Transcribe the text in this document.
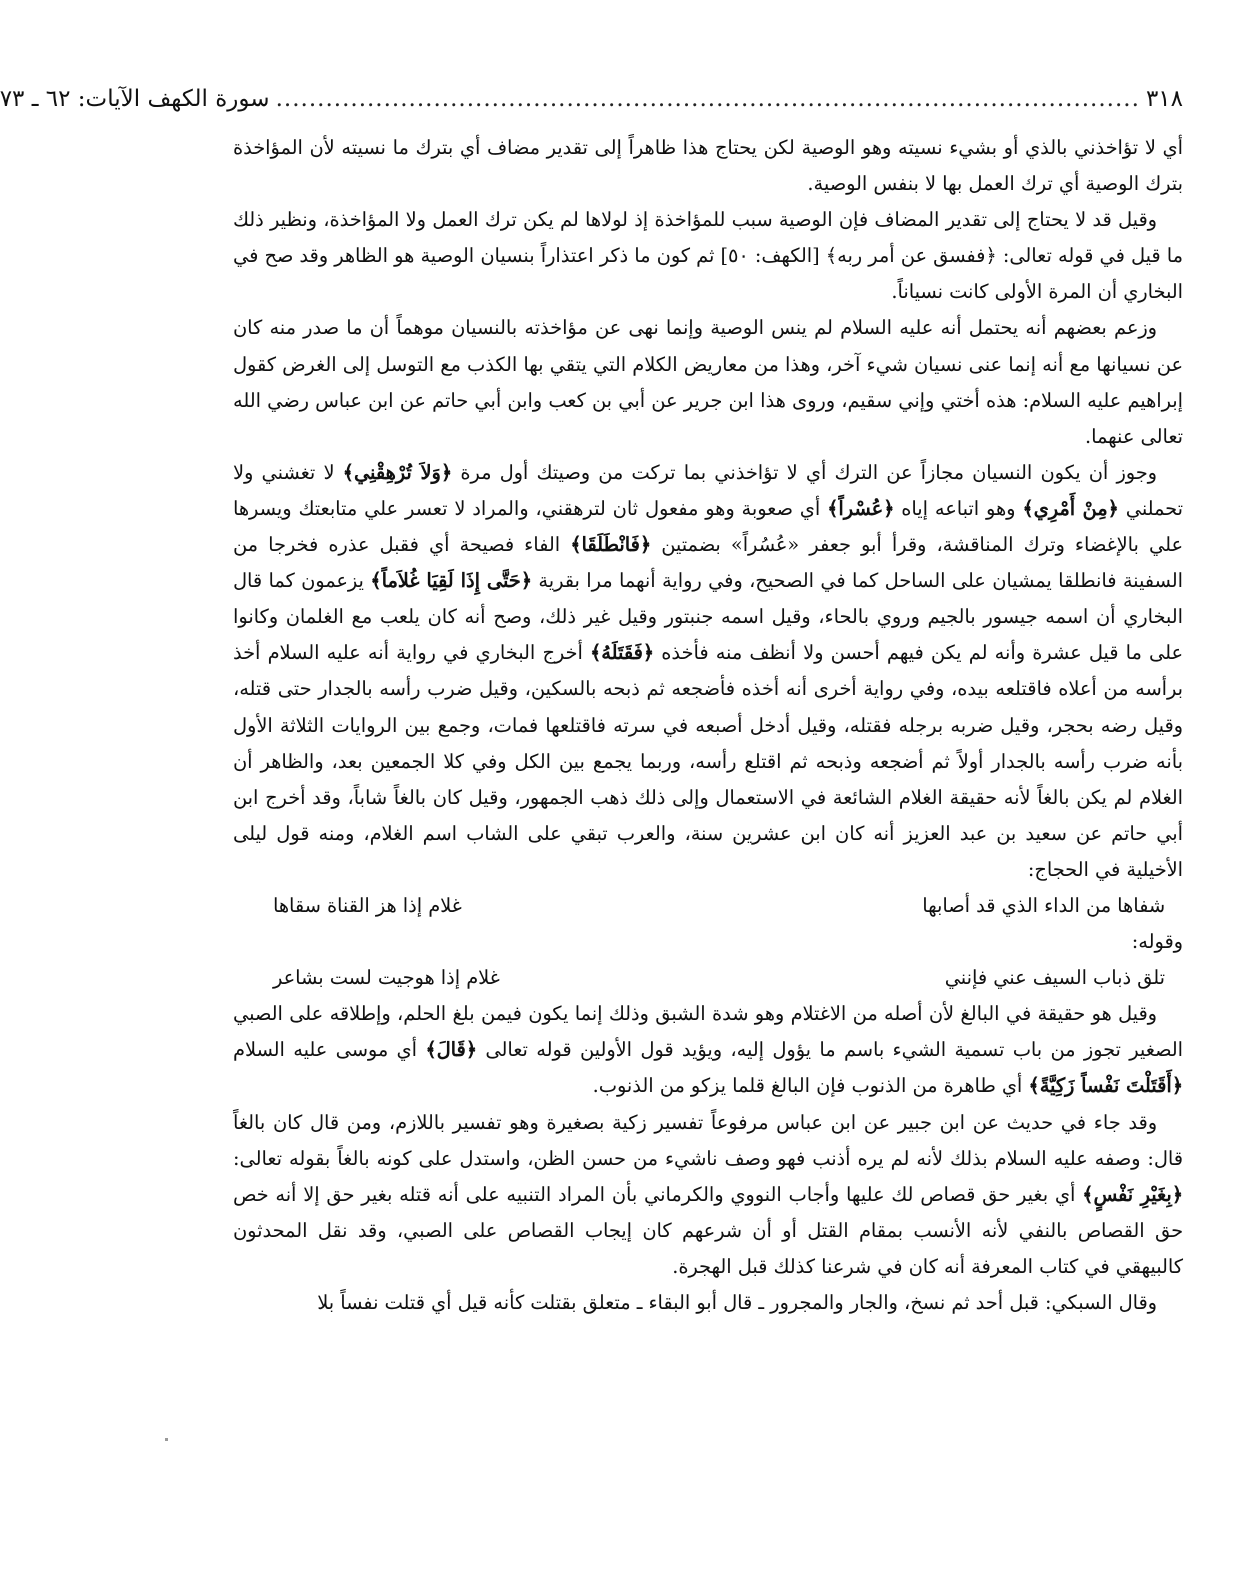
٣١٨
........................................................................................................
سورة الكهف الآيات: ٦٢ ـ ٧٣

أي لا تؤاخذني بالذي أو بشيء نسيته وهو الوصية لكن يحتاج هذا ظاهراً إلى تقدير مضاف أي بترك ما نسيته لأن المؤاخذة بترك الوصية أي ترك العمل بها لا بنفس الوصية.

وقيل قد لا يحتاج إلى تقدير المضاف فإن الوصية سبب للمؤاخذة إذ لولاها لم يكن ترك العمل ولا المؤاخذة، ونظير ذلك ما قيل في قوله تعالى: ﴿ففسق عن أمر ربه﴾ [الكهف: ٥٠] ثم كون ما ذكر اعتذاراً بنسيان الوصية هو الظاهر وقد صح في البخاري أن المرة الأولى كانت نسياناً.

وزعم بعضهم أنه يحتمل أنه عليه السلام لم ينس الوصية وإنما نهى عن مؤاخذته بالنسيان موهماً أن ما صدر منه كان عن نسيانها مع أنه إنما عنى نسيان شيء آخر، وهذا من معاريض الكلام التي يتقي بها الكذب مع التوسل إلى الغرض كقول إبراهيم عليه السلام: هذه أختي وإني سقيم، وروى هذا ابن جرير عن أبي بن كعب وابن أبي حاتم عن ابن عباس رضي الله تعالى عنهما.

وجوز أن يكون النسيان مجازاً عن الترك أي لا تؤاخذني بما تركت من وصيتك أول مرة ﴿وَلاَ تُرْهِقْنِي﴾ لا تغشني ولا تحملني ﴿مِنْ أَمْرِي﴾ وهو اتباعه إياه ﴿عُسْراً﴾ أي صعوبة وهو مفعول ثان لترهقني، والمراد لا تعسر علي متابعتك ويسرها علي بالإغضاء وترك المناقشة، وقرأ أبو جعفر «عُسُراً» بضمتين ﴿فَانْطَلَقَا﴾ الفاء فصيحة أي فقبل عذره فخرجا من السفينة فانطلقا يمشيان على الساحل كما في الصحيح، وفي رواية أنهما مرا بقرية ﴿حَتَّى إِذَا لَقِيَا غُلاَماً﴾ يزعمون كما قال البخاري أن اسمه جيسور بالجيم وروي بالحاء، وقيل اسمه جنبتور وقيل غير ذلك، وصح أنه كان يلعب مع الغلمان وكانوا على ما قيل عشرة وأنه لم يكن فيهم أحسن ولا أنظف منه فأخذه ﴿فَقَتَلَهُ﴾ أخرج البخاري في رواية أنه عليه السلام أخذ برأسه من أعلاه فاقتلعه بيده، وفي رواية أخرى أنه أخذه فأضجعه ثم ذبحه بالسكين، وقيل ضرب رأسه بالجدار حتى قتله، وقيل رضه بحجر، وقيل ضربه برجله فقتله، وقيل أدخل أصبعه في سرته فاقتلعها فمات، وجمع بين الروايات الثلاثة الأول بأنه ضرب رأسه بالجدار أولاً ثم أضجعه وذبحه ثم اقتلع رأسه، وربما يجمع بين الكل وفي كلا الجمعين بعد، والظاهر أن الغلام لم يكن بالغاً لأنه حقيقة الغلام الشائعة في الاستعمال وإلى ذلك ذهب الجمهور، وقيل كان بالغاً شاباً، وقد أخرج ابن أبي حاتم عن سعيد بن عبد العزيز أنه كان ابن عشرين سنة، والعرب تبقي على الشاب اسم الغلام، ومنه قول ليلى الأخيلية في الحجاج:

شفاها من الداء الذي قد أصابها
غلام إذا هز القناة سقاها

وقوله:

تلق ذباب السيف عني فإنني
غلام إذا هوجيت لست بشاعر

وقيل هو حقيقة في البالغ لأن أصله من الاغتلام وهو شدة الشبق وذلك إنما يكون فيمن بلغ الحلم، وإطلاقه على الصبي الصغير تجوز من باب تسمية الشيء باسم ما يؤول إليه، ويؤيد قول الأولين قوله تعالى ﴿قَالَ﴾ أي موسى عليه السلام ﴿أَقَتَلْتَ نَفْساً زَكِيَّةً﴾ أي طاهرة من الذنوب فإن البالغ قلما يزكو من الذنوب.

وقد جاء في حديث عن ابن جبير عن ابن عباس مرفوعاً تفسير زكية بصغيرة وهو تفسير باللازم، ومن قال كان بالغاً قال: وصفه عليه السلام بذلك لأنه لم يره أذنب فهو وصف ناشيء من حسن الظن، واستدل على كونه بالغاً بقوله تعالى: ﴿بِغَيْرِ نَفْسٍ﴾ أي بغير حق قصاص لك عليها وأجاب النووي والكرماني بأن المراد التنبيه على أنه قتله بغير حق إلا أنه خص حق القصاص بالنفي لأنه الأنسب بمقام القتل أو أن شرعهم كان إيجاب القصاص على الصبي، وقد نقل المحدثون كالبيهقي في كتاب المعرفة أنه كان في شرعنا كذلك قبل الهجرة.

وقال السبكي: قبل أحد ثم نسخ، والجار والمجرور ـ قال أبو البقاء ـ متعلق بقتلت كأنه قيل أي قتلت نفساً بلا
